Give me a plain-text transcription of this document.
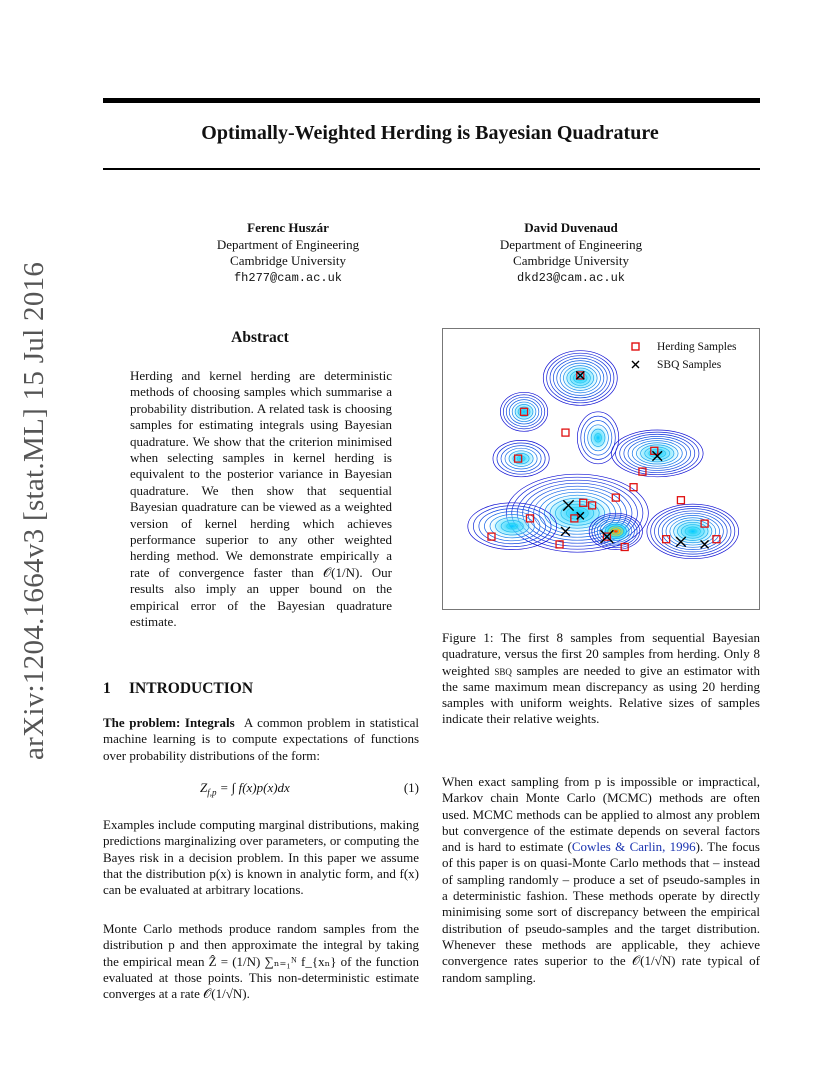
Optimally-Weighted Herding is Bayesian Quadrature
arXiv:1204.1664v3 [stat.ML] 15 Jul 2016
Ferenc Huszár
Department of Engineering
Cambridge University
fh277@cam.ac.uk
David Duvenaud
Department of Engineering
Cambridge University
dkd23@cam.ac.uk
Abstract
Herding and kernel herding are deterministic methods of choosing samples which summarise a probability distribution. A related task is choosing samples for estimating integrals using Bayesian quadrature. We show that the criterion minimised when selecting samples in kernel herding is equivalent to the posterior variance in Bayesian quadrature. We then show that sequential Bayesian quadrature can be viewed as a weighted version of kernel herding which achieves performance superior to any other weighted herding method. We demonstrate empirically a rate of convergence faster than 𝒪(1/N). Our results also imply an upper bound on the empirical error of the Bayesian quadrature estimate.
1 INTRODUCTION
The problem: Integrals A common problem in statistical machine learning is to compute expectations of functions over probability distributions of the form:
$Z_{f,p}$ = ∫ f(x)p(x)dx	(1)
Examples include computing marginal distributions, making predictions marginalizing over parameters, or computing the Bayes risk in a decision problem. In this paper we assume that the distribution p(x) is known in analytic form, and f(x) can be evaluated at arbitrary locations.
Monte Carlo methods produce random samples from the distribution p and then approximate the integral by taking the empirical mean Ẑ = (1/N) ∑ₙ₌₁ᴺ f_{xₙ} of the function evaluated at those points. This non-deterministic estimate converges at a rate 𝒪(1/√N).
Herding Samples
SBQ Samples
Figure 1: The first 8 samples from sequential Bayesian quadrature, versus the first 20 samples from herding. Only 8 weighted sbq samples are needed to give an estimator with the same maximum mean discrepancy as using 20 herding samples with uniform weights. Relative sizes of samples indicate their relative weights.
When exact sampling from p is impossible or impractical, Markov chain Monte Carlo (MCMC) methods are often used. MCMC methods can be applied to almost any problem but convergence of the estimate depends on several factors and is hard to estimate (Cowles & Carlin, 1996). The focus of this paper is on quasi-Monte Carlo methods that – instead of sampling randomly – produce a set of pseudo-samples in a deterministic fashion. These methods operate by directly minimising some sort of discrepancy between the empirical distribution of pseudo-samples and the target distribution. Whenever these methods are applicable, they achieve convergence rates superior to the 𝒪(1/√N) rate typical of random sampling.
